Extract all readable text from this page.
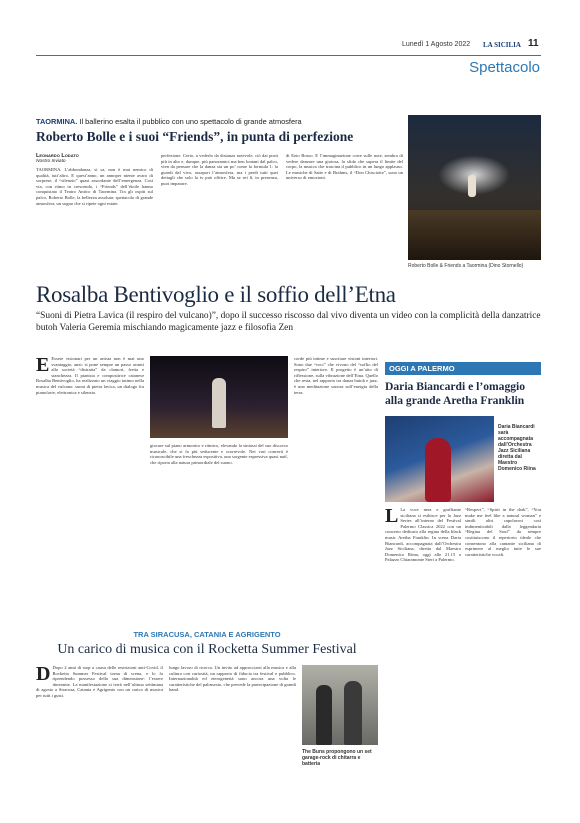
Lunedì 1 Agosto 2022 LA SICILIA 11
Spettacolo
TAORMINA. Il ballerino esalta il pubblico con uno spettacolo di grande atmosfera
Roberto Bolle e i suoi “Friends”, in punta di perfezione
Leonardo Lodato
Nostro Inviato
TAORMINA. L’abbondanza, si sa, non è mai nemico di qualità, tutt’altro. E quest’anno, un annoper niente avaro di sorprese, il “silenzio” quasi assordante dell’emergenza. Così via, con ritmo in crescendo, i “Friends” dell’étoile hanno conquistato il Teatro Antico di Taormina. Tra gli ospiti sul palco, Roberto Bolle, la bellezza assoluta: spettacolo di grande atmosfera, un sogno che si ripete ogni estate.
perfezione. Certo, a vederlo da distanza notevole, ciò dai posti più in alto e, dunque, più panoramici ma ben lontani dal palco, vien da pensare che la danza sia un po’ come la formula 1: la guardi dal vivo, assapori l’atmosfera, ma i perdi tutti quei dettagli che solo la tv può offrire. Ma se sei lì, in presenza, puoi imparare.
di Ezio Bosso. E l’immaginazione corre sulle note, sembra di vedere danzare una gioiosa, la sfida che supera il limite del corpo, la musica che trascina il pubblico in un lungo applauso. Le musiche di Satie e di Brahms, il “Don Chisciotte”, sono un universo di emozioni.
Roberto Bolle & Friends a Taormina (Dino Stornello)
Rosalba Bentivoglio e il soffio dell’Etna
“Suoni di Pietra Lavica (il respiro del vulcano)”, dopo il successo riscosso dal vivo diventa un video con la complicità della danzatrice butoh Valeria Geremia mischiando magicamente jazz e filosofia Zen
E Essere visionari per un artista non è mai uno svantaggio, anzi: si pone sempre un passo avanti alla società “distratta” da clamori, fretta e stanchezza. Il pianista e compositrice catanese Rosalba Bentivoglio, ha realizzato un viaggio intimo nella musica del vulcano: suoni di pietra lavica, un dialogo fra pianoforte, elettronica e silenzio.
giocare sul piano armonico e ritmico, elevando la sintassi del suo discorso musicale, che si fa più seducente e scorrevole. Nei vari concerti è riconoscibile una freschezza espositiva, una sorgente espressiva quasi naif, che riporta alla natura primordiale del suono.
corde più intime e suscitare visioni interiori. Sono due “voci” che vivono del “soffio del respiro” interiore. Il progetto è un’atto di riflessione, sulla vibrazione dell’Etna. Quello che resta, nel rapporto tra danza butoh e jazz, è una meditazione sonora sull’energia della terra.
OGGI A PALERMO
Daria Biancardi e l’omaggio alla grande Aretha Franklin
Daria Biancardi sarà accompagnata dall’Orchestra Jazz Siciliana diretta dal Maestro Domenico Riina
L La voce nera e graffiante siciliana si esibisce per la Jazz Series all’interno del Festival Palermo Classica 2022 con un concerto dedicato alla regina della black music Aretha Franklin. In scena Daria Biancardi, accompagnata dall’Orchestra Jazz Siciliana, diretta dal Maestro Domenico Riina, oggi alle 21.15 a Palazzo Chiaramonte Steri a Palermo.
“Respect”, “Spirit in the dark”, “You make me feel like a natural woman” e simili altri capolavori così indimenticabili dalla leggendaria “Regina del Soul” da sempre costituiscono il repertorio ideale che consentono alla cantante siciliana di esprimere al meglio tutte le sue caratteristiche vocali.
TRA SIRACUSA, CATANIA E AGRIGENTO
Un carico di musica con il Rocketta Summer Festival
D Dopo 2 anni di stop a causa delle restrizioni anti-Covid, il Rocketta Summer Festival torna di scena, e lo fa riprendendo possesso della sua dimensione: l’essere itinerante. La manifestazione si terrà nell’ultima settimana di agosto a Siracusa, Catania e Agrigento con un carico di musica per tutti i gusti.
lungo lavoro di ricerca. Un invito ad approcciarti alla musica e alla cultura con curiosità, un rapporto di fiducia tra festival e pubblico. Internazionalità ed eterogeneità sono ancora una volta le caratteristiche del palinsesto, che prevede la partecipazione di grandi band.
The Buns propongono un set garage-rock di chitarra e batteria
